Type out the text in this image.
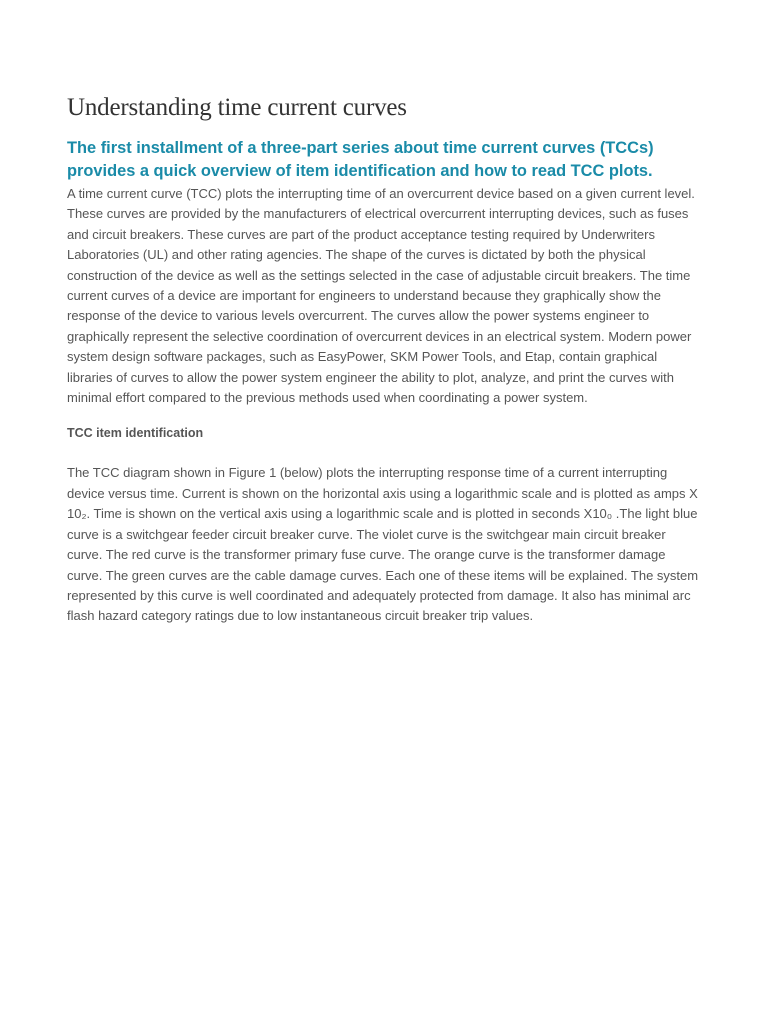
Understanding time current curves
The first installment of a three-part series about time current curves (TCCs) provides a quick overview of item identification and how to read TCC plots.

A time current curve (TCC) plots the interrupting time of an overcurrent device based on a given current level. These curves are provided by the manufacturers of electrical overcurrent interrupting devices, such as fuses and circuit breakers. These curves are part of the product acceptance testing required by Underwriters Laboratories (UL) and other rating agencies. The shape of the curves is dictated by both the physical construction of the device as well as the settings selected in the case of adjustable circuit breakers. The time current curves of a device are important for engineers to understand because they graphically show the response of the device to various levels overcurrent. The curves allow the power systems engineer to graphically represent the selective coordination of overcurrent devices in an electrical system. Modern power system design software packages, such as EasyPower, SKM Power Tools, and Etap, contain graphical libraries of curves to allow the power system engineer the ability to plot, analyze, and print the curves with minimal effort compared to the previous methods used when coordinating a power system.

TCC item identification

The TCC diagram shown in Figure 1 (below) plots the interrupting response time of a current interrupting device versus time. Current is shown on the horizontal axis using a logarithmic scale and is plotted as amps X 10₂. Time is shown on the vertical axis using a logarithmic scale and is plotted in seconds X10₀ .The light blue curve is a switchgear feeder circuit breaker curve. The violet curve is the switchgear main circuit breaker curve. The red curve is the transformer primary fuse curve. The orange curve is the transformer damage curve. The green curves are the cable damage curves. Each one of these items will be explained. The system represented by this curve is well coordinated and adequately protected from damage. It also has minimal arc flash hazard category ratings due to low instantaneous circuit breaker trip values.
